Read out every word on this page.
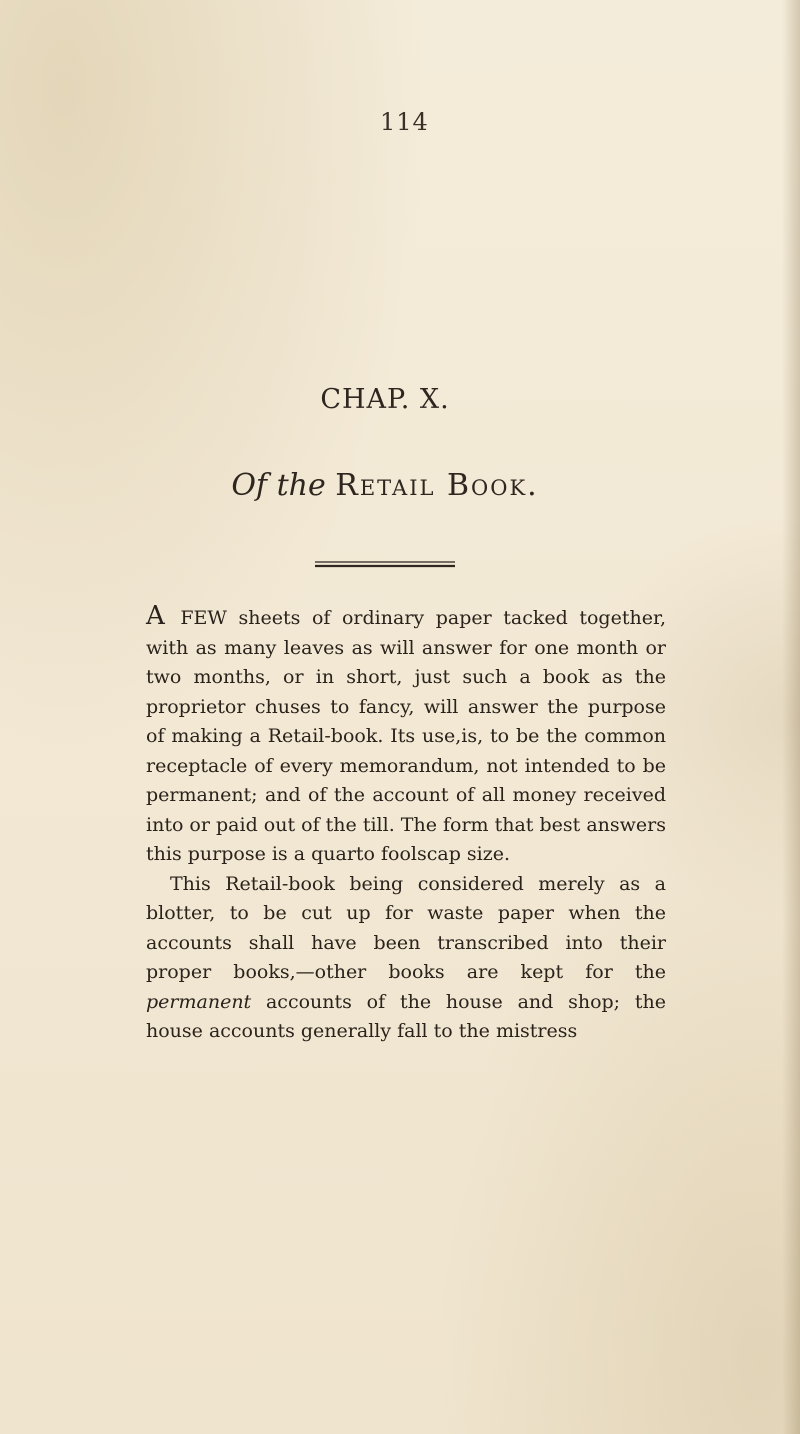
114
CHAP. X.
Of the Retail Book.

A FEW sheets of ordinary paper tacked together, with as many leaves as will answer for one month or two months, or in short, just such a book as the proprietor chuses to fancy, will answer the purpose of making a Retail-book. Its use,is, to be the common receptacle of every memorandum, not intended to be permanent; and of the account of all money received into or paid out of the till. The form that best answers this purpose is a quarto foolscap size.

This Retail-book being considered merely as a blotter, to be cut up for waste paper when the accounts shall have been transcribed into their proper books,—other books are kept for the permanent accounts of the house and shop; the house accounts generally fall to the mistress
